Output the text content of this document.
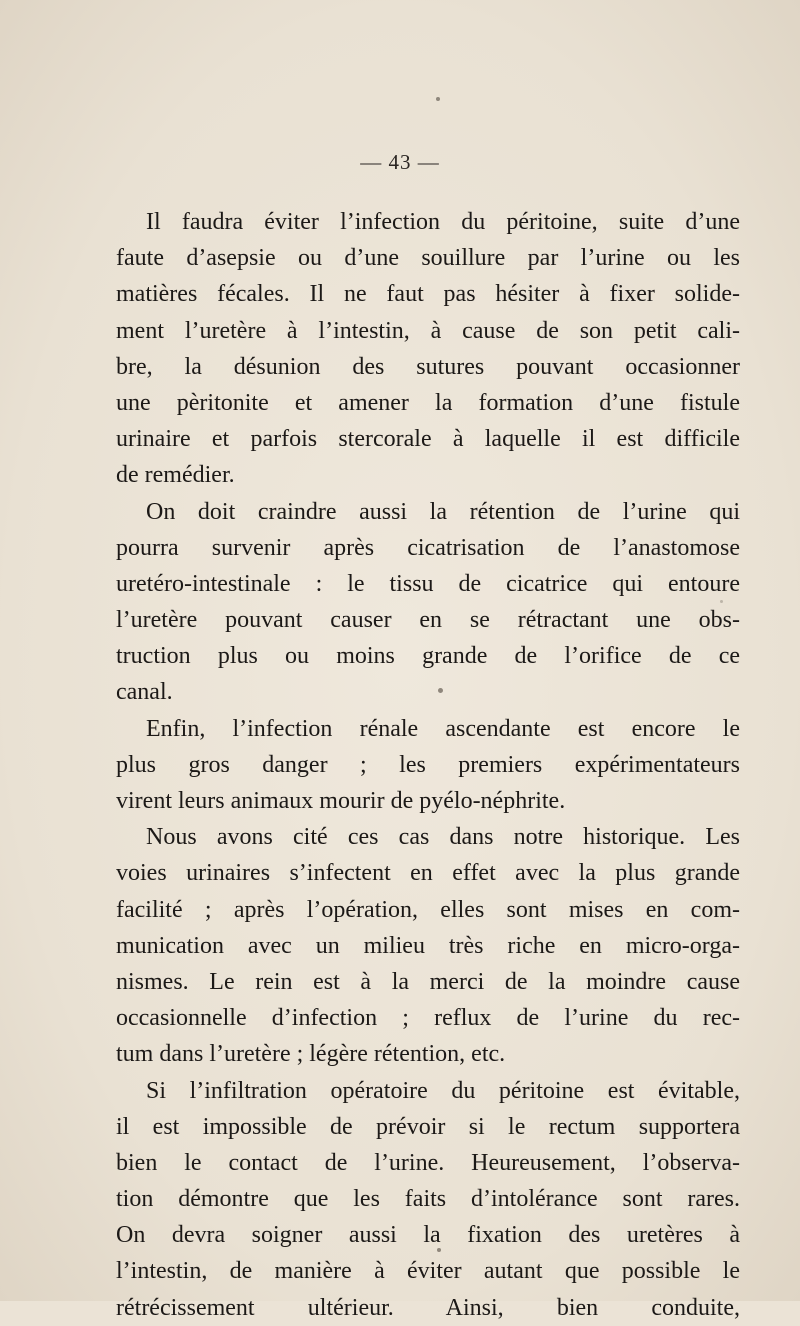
— 43 —
Il faudra éviter l’infection du péritoine, suite d’une
faute d’asepsie ou d’une souillure par l’urine ou les
matières fécales. Il ne faut pas hésiter à fixer solide-
ment l’uretère à l’intestin, à cause de son petit cali-
bre, la désunion des sutures pouvant occasionner
une pèritonite et amener la formation d’une fistule
urinaire et parfois stercorale à laquelle il est difficile
de remédier.
On doit craindre aussi la rétention de l’urine qui
pourra survenir après cicatrisation de l’anastomose
uretéro-intestinale : le tissu de cicatrice qui entoure
l’uretère pouvant causer en se rétractant une obs-
truction plus ou moins grande de l’orifice de ce
canal.
Enfin, l’infection rénale ascendante est encore le
plus gros danger ; les premiers expérimentateurs
virent leurs animaux mourir de pyélo-néphrite.
Nous avons cité ces cas dans notre historique. Les
voies urinaires s’infectent en effet avec la plus grande
facilité ; après l’opération, elles sont mises en com-
munication avec un milieu très riche en micro-orga-
nismes. Le rein est à la merci de la moindre cause
occasionnelle d’infection ; reflux de l’urine du rec-
tum dans l’uretère ; légère rétention, etc.
Si l’infiltration opératoire du péritoine est évitable,
il est impossible de prévoir si le rectum supportera
bien le contact de l’urine. Heureusement, l’observa-
tion démontre que les faits d’intolérance sont rares.
On devra soigner aussi la fixation des uretères à
l’intestin, de manière à éviter autant que possible le
rétrécissement ultérieur. Ainsi, bien conduite,
